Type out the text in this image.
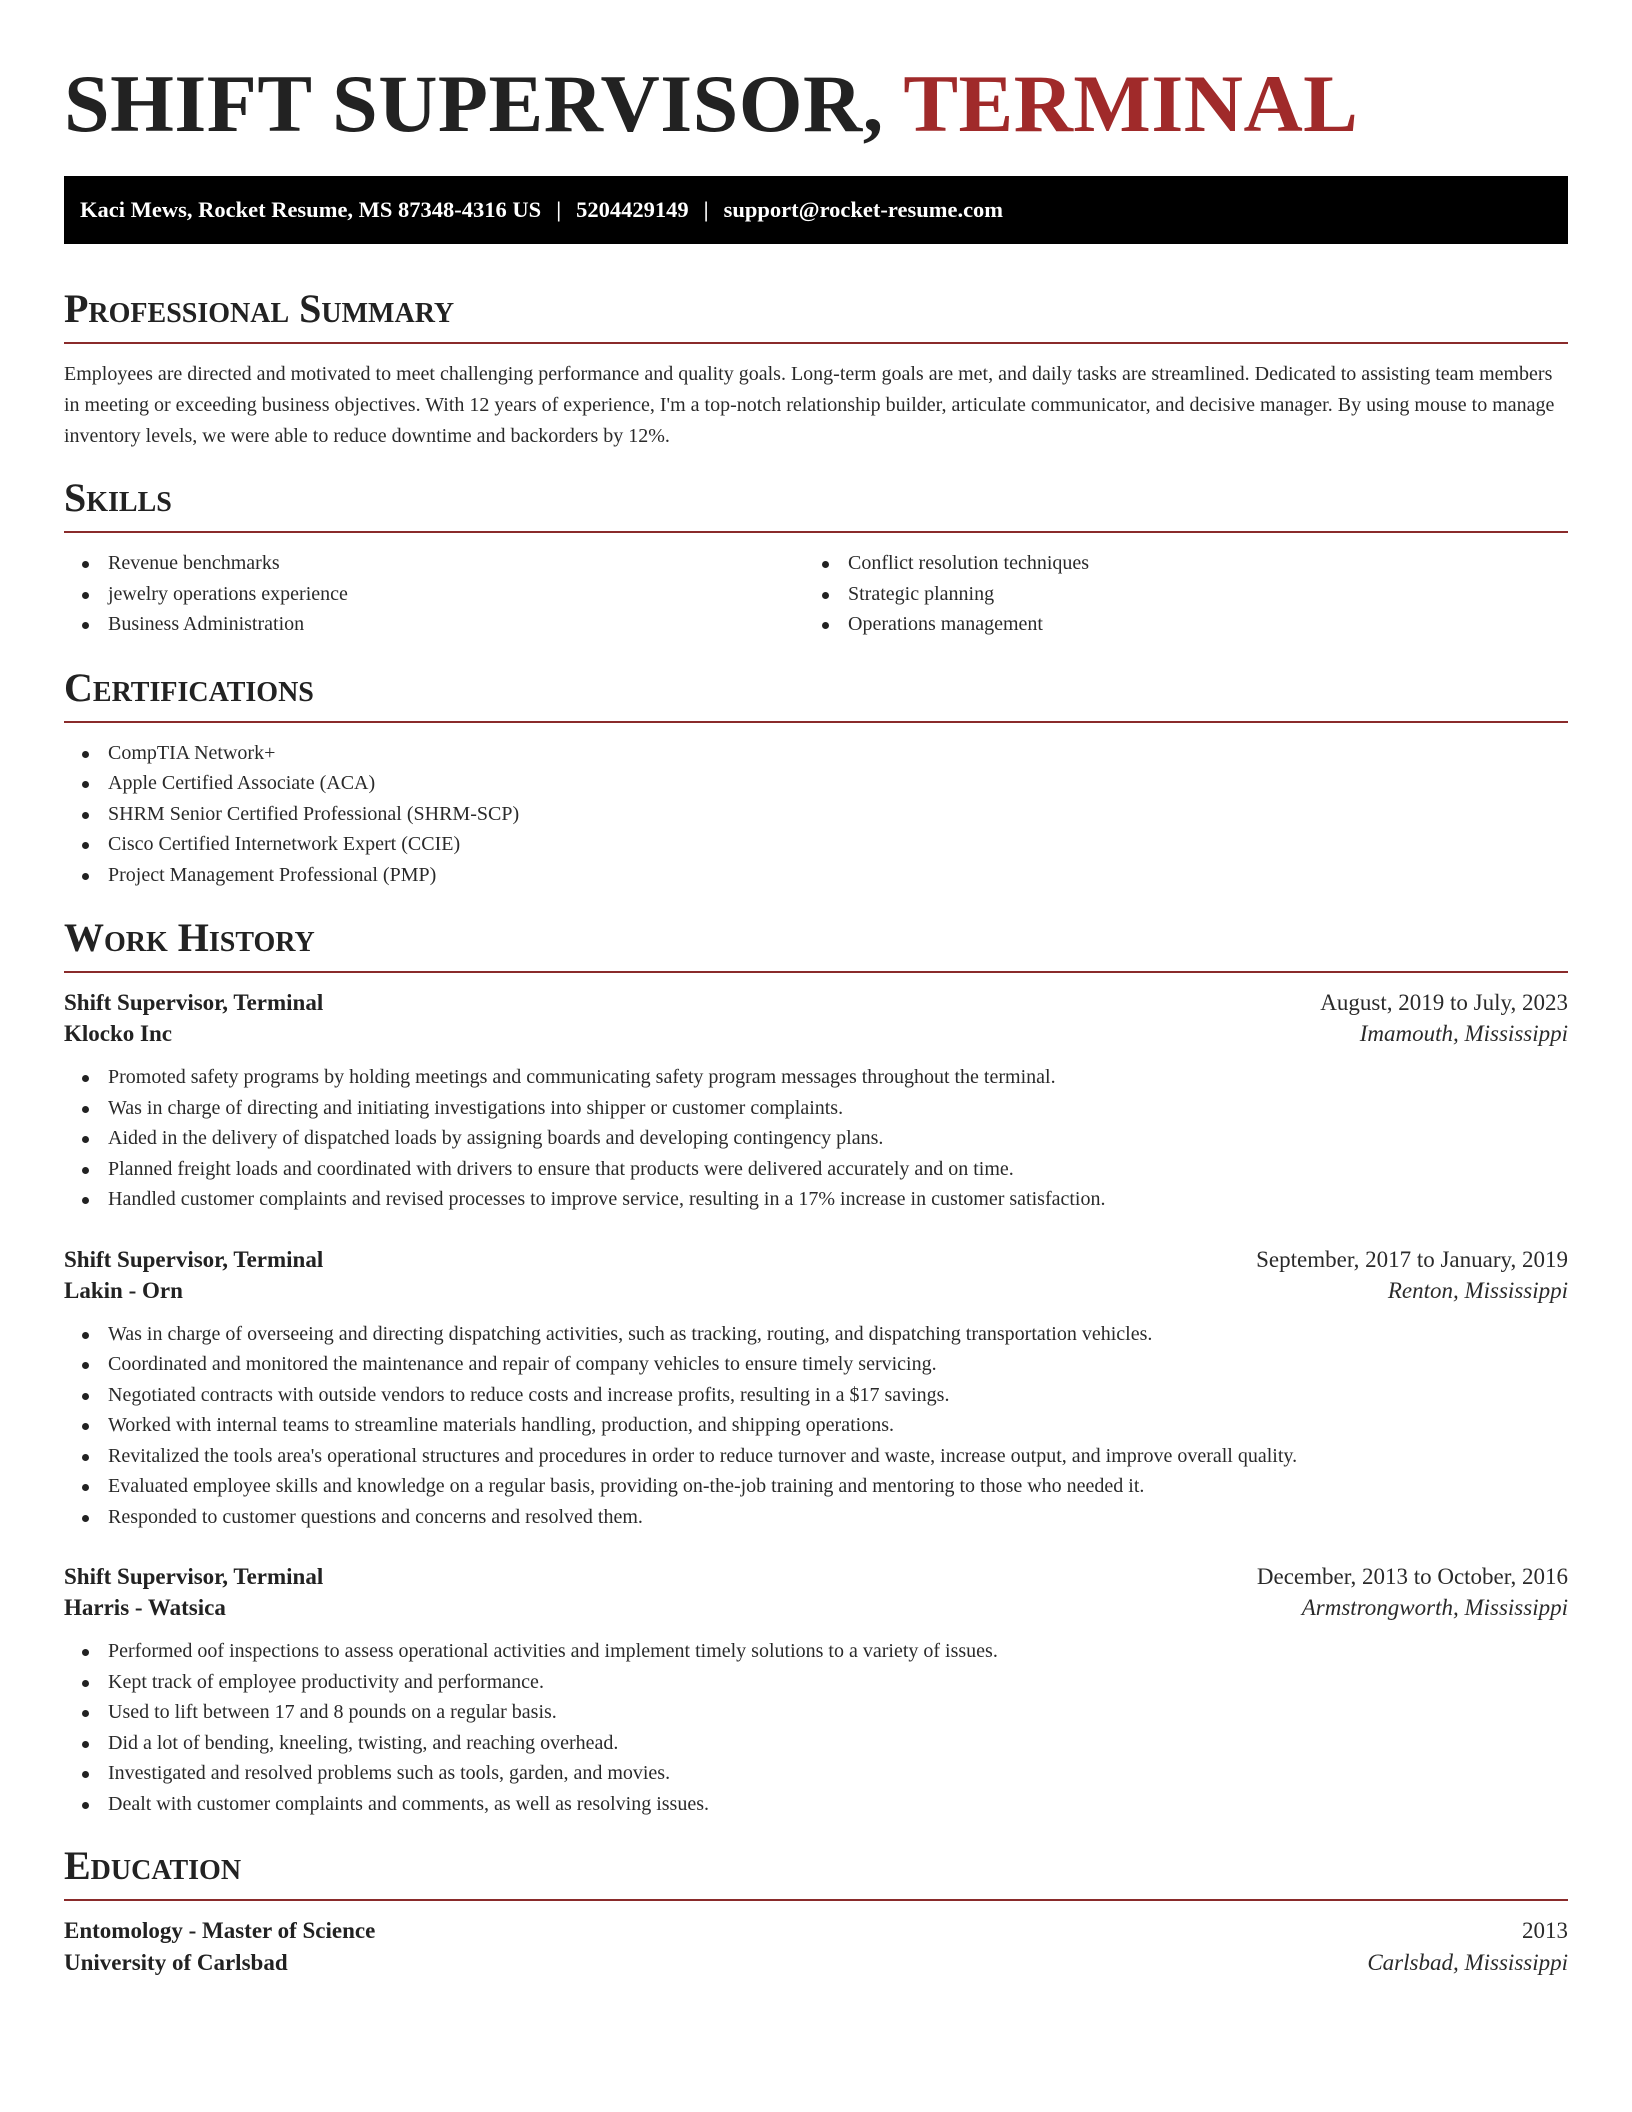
SHIFT SUPERVISOR, TERMINAL
Kaci Mews, Rocket Resume, MS 87348-4316 US | 5204429149 | support@rocket-resume.com
Professional Summary

Employees are directed and motivated to meet challenging performance and quality goals. Long-term goals are met, and daily tasks are streamlined. Dedicated to assisting team members in meeting or exceeding business objectives. With 12 years of experience, I'm a top-notch relationship builder, articulate communicator, and decisive manager. By using mouse to manage inventory levels, we were able to reduce downtime and backorders by 12%.

Skills
Revenue benchmarks
jewelry operations experience
Business Administration
Conflict resolution techniques
Strategic planning
Operations management
Certifications
CompTIA Network+
Apple Certified Associate (ACA)
SHRM Senior Certified Professional (SHRM-SCP)
Cisco Certified Internetwork Expert (CCIE)
Project Management Professional (PMP)
Work History
Shift Supervisor, Terminal	August, 2019 to July, 2023
Klocko Inc	Imamouth, Mississippi
Promoted safety programs by holding meetings and communicating safety program messages throughout the terminal.
Was in charge of directing and initiating investigations into shipper or customer complaints.
Aided in the delivery of dispatched loads by assigning boards and developing contingency plans.
Planned freight loads and coordinated with drivers to ensure that products were delivered accurately and on time.
Handled customer complaints and revised processes to improve service, resulting in a 17% increase in customer satisfaction.
Shift Supervisor, Terminal	September, 2017 to January, 2019
Lakin - Orn	Renton, Mississippi
Was in charge of overseeing and directing dispatching activities, such as tracking, routing, and dispatching transportation vehicles.
Coordinated and monitored the maintenance and repair of company vehicles to ensure timely servicing.
Negotiated contracts with outside vendors to reduce costs and increase profits, resulting in a $17 savings.
Worked with internal teams to streamline materials handling, production, and shipping operations.
Revitalized the tools area's operational structures and procedures in order to reduce turnover and waste, increase output, and improve overall quality.
Evaluated employee skills and knowledge on a regular basis, providing on-the-job training and mentoring to those who needed it.
Responded to customer questions and concerns and resolved them.
Shift Supervisor, Terminal	December, 2013 to October, 2016
Harris - Watsica	Armstrongworth, Mississippi
Performed oof inspections to assess operational activities and implement timely solutions to a variety of issues.
Kept track of employee productivity and performance.
Used to lift between 17 and 8 pounds on a regular basis.
Did a lot of bending, kneeling, twisting, and reaching overhead.
Investigated and resolved problems such as tools, garden, and movies.
Dealt with customer complaints and comments, as well as resolving issues.
Education
Entomology - Master of Science	2013
University of Carlsbad	Carlsbad, Mississippi
